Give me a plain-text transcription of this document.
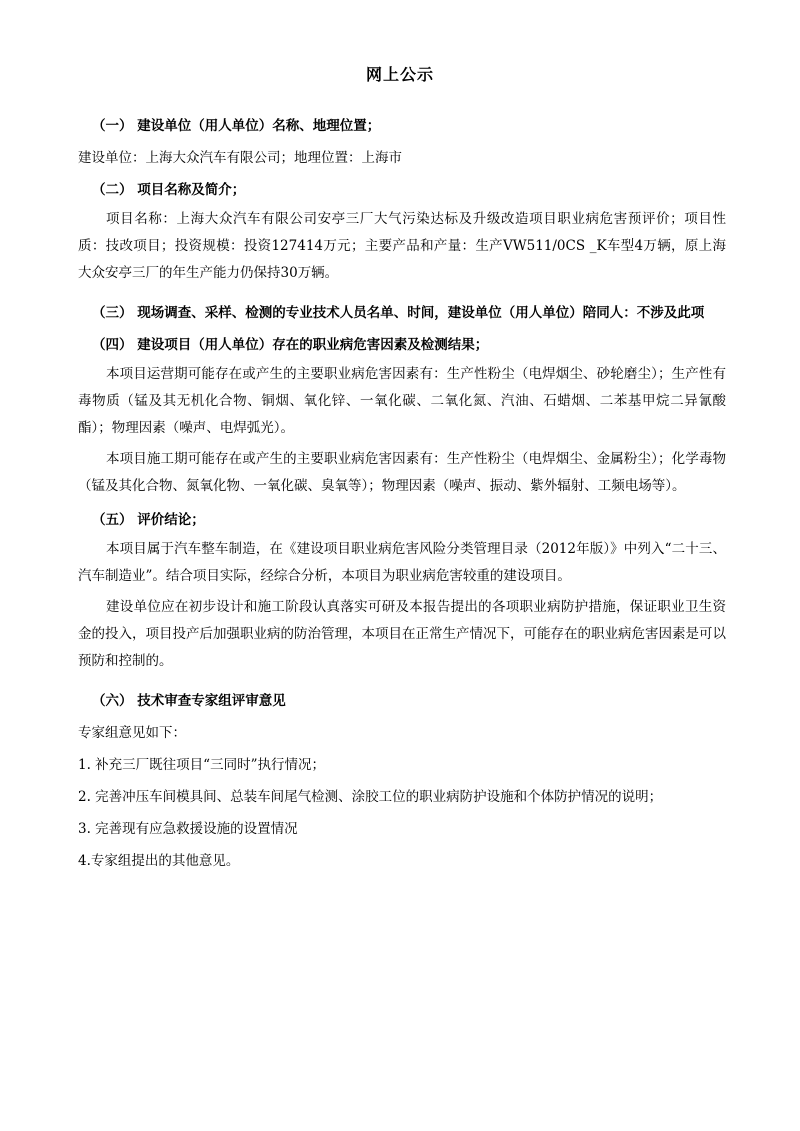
网上公示
（一） 建设单位（用人单位）名称、地理位置；

建设单位：上海大众汽车有限公司；地理位置：上海市

（二） 项目名称及简介；

项目名称：上海大众汽车有限公司安亭三厂大气污染达标及升级改造项目职业病危害预评价；项目性质：技改项目；投资规模：投资127414万元；主要产品和产量：生产VW511/0CS _K车型4万辆，原上海大众安亭三厂的年生产能力仍保持30万辆。

（三） 现场调查、采样、检测的专业技术人员名单、时间，建设单位（用人单位）陪同人：不涉及此项
（四） 建设项目（用人单位）存在的职业病危害因素及检测结果；

本项目运营期可能存在或产生的主要职业病危害因素有：生产性粉尘（电焊烟尘、砂轮磨尘）；生产性有毒物质（锰及其无机化合物、铜烟、氧化锌、一氧化碳、二氧化氮、汽油、石蜡烟、二苯基甲烷二异氰酸酯）；物理因素（噪声、电焊弧光）。

本项目施工期可能存在或产生的主要职业病危害因素有：生产性粉尘（电焊烟尘、金属粉尘）；化学毒物（锰及其化合物、氮氧化物、一氧化碳、臭氧等）；物理因素（噪声、振动、紫外辐射、工频电场等）。

（五） 评价结论；

本项目属于汽车整车制造，在《建设项目职业病危害风险分类管理目录（2012年版）》中列入“二十三、汽车制造业”。结合项目实际，经综合分析，本项目为职业病危害较重的建设项目。

建设单位应在初步设计和施工阶段认真落实可研及本报告提出的各项职业病防护措施，保证职业卫生资金的投入，项目投产后加强职业病的防治管理，本项目在正常生产情况下，可能存在的职业病危害因素是可以预防和控制的。

（六） 技术审查专家组评审意见

专家组意见如下：

1. 补充三厂既往项目“三同时”执行情况；
2. 完善冲压车间模具间、总装车间尾气检测、涂胶工位的职业病防护设施和个体防护情况的说明；
3. 完善现有应急救援设施的设置情况
4.专家组提出的其他意见。
